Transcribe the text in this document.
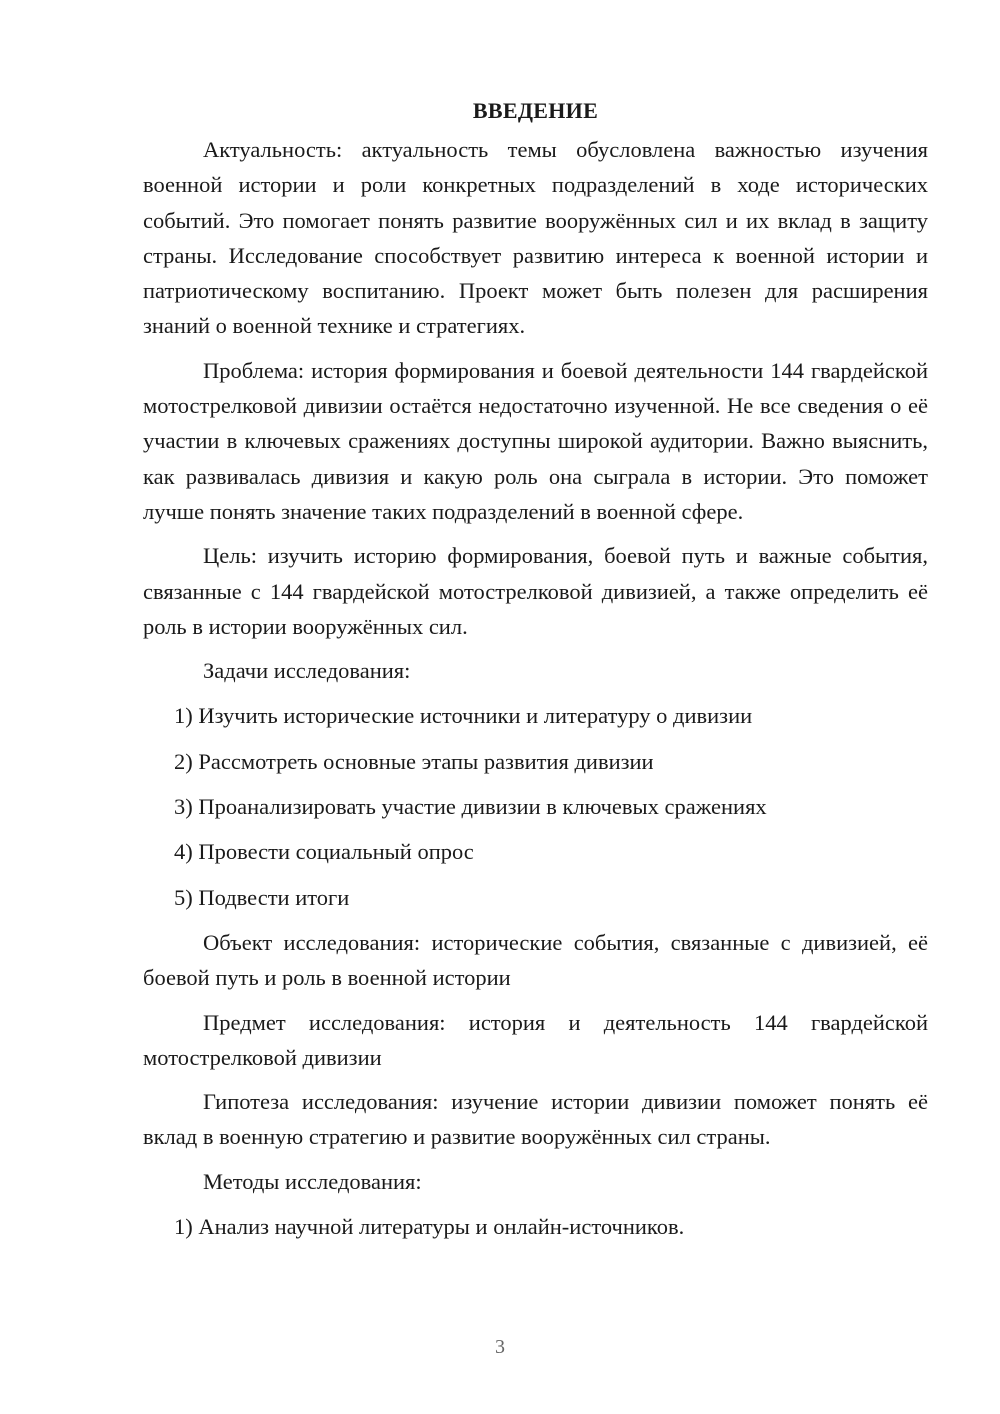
ВВЕДЕНИЕ

Актуальность: актуальность темы обусловлена важностью изучения военной истории и роли конкретных подразделений в ходе исторических событий. Это помогает понять развитие вооружённых сил и их вклад в защиту страны. Исследование способствует развитию интереса к военной истории и патриотическому воспитанию. Проект может быть полезен для расширения знаний о военной технике и стратегиях.

Проблема: история формирования и боевой деятельности 144 гвардейской мотострелковой дивизии остаётся недостаточно изученной. Не все сведения о её участии в ключевых сражениях доступны широкой аудитории. Важно выяснить, как развивалась дивизия и какую роль она сыграла в истории. Это поможет лучше понять значение таких подразделений в военной сфере.

Цель: изучить историю формирования, боевой путь и важные события, связанные с 144 гвардейской мотострелковой дивизией, а также определить её роль в истории вооружённых сил.

Задачи исследования:

1) Изучить исторические источники и литературу о дивизии

2) Рассмотреть основные этапы развития дивизии

3) Проанализировать участие дивизии в ключевых сражениях

4) Провести социальный опрос

5) Подвести итоги

Объект исследования: исторические события, связанные с дивизией, её боевой путь и роль в военной истории

Предмет исследования: история и деятельность 144 гвардейской мотострелковой дивизии

Гипотеза исследования: изучение истории дивизии поможет понять её вклад в военную стратегию и развитие вооружённых сил страны.

Методы исследования:

1) Анализ научной литературы и онлайн-источников.

3
